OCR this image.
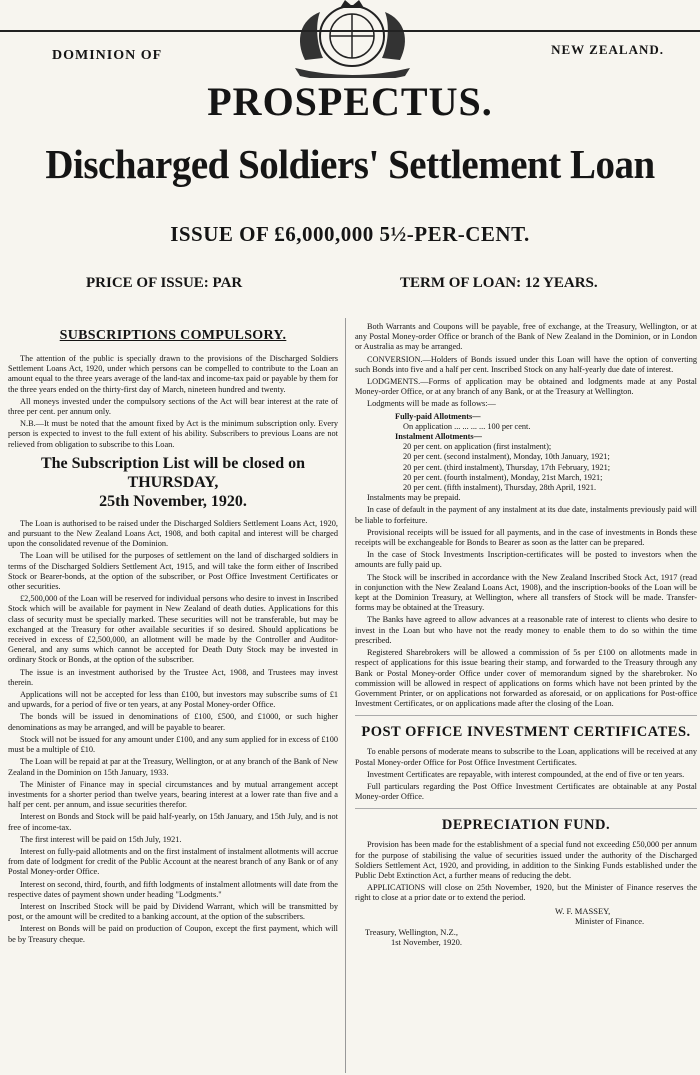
DOMINION OF	NEW ZEALAND.
PROSPECTUS.
Discharged Soldiers' Settlement Loan
ISSUE OF £6,000,000 5½-PER-CENT.
PRICE OF ISSUE: PAR	TERM OF LOAN: 12 YEARS.
SUBSCRIPTIONS COMPULSORY.

The attention of the public is specially drawn to the provisions of the Discharged Soldiers Settlement Loans Act, 1920, under which persons can be compelled to contribute to the Loan an amount equal to the three years average of the land-tax and income-tax paid or payable by them for the three years ended on the thirty-first day of March, nineteen hundred and twenty.

All moneys invested under the compulsory sections of the Act will bear interest at the rate of three per cent. per annum only.

N.B.—It must be noted that the amount fixed by Act is the minimum subscription only. Every person is expected to invest to the full extent of his ability. Subscribers to previous Loans are not relieved from obligation to subscribe to this Loan.

The Subscription List will be closed on THURSDAY,
25th November, 1920.

The Loan is authorised to be raised under the Discharged Soldiers Settlement Loans Act, 1920, and pursuant to the New Zealand Loans Act, 1908, and both capital and interest will be charged upon the consolidated revenue of the Dominion.

The Loan will be utilised for the purposes of settlement on the land of discharged soldiers in terms of the Discharged Soldiers Settlement Act, 1915, and will take the form either of Inscribed Stock or Bearer-bonds, at the option of the subscriber, or Post Office Investment Certificates or other securities.

£2,500,000 of the Loan will be reserved for individual persons who desire to invest in Inscribed Stock which will be available for payment in New Zealand of death duties. Applications for this class of security must be specially marked. These securities will not be transferable, but may be exchanged at the Treasury for other available securities if so desired. Should applications be received in excess of £2,500,000, an allotment will be made by the Controller and Auditor-General, and any sums which cannot be accepted for Death Duty Stock may be invested in ordinary Stock or Bonds, at the option of the subscriber.

The issue is an investment authorised by the Trustee Act, 1908, and Trustees may invest therein.

Applications will not be accepted for less than £100, but investors may subscribe sums of £1 and upwards, for a period of five or ten years, at any Postal Money-order Office.

The bonds will be issued in denominations of £100, £500, and £1000, or such higher denominations as may be arranged, and will be payable to bearer.

Stock will not be issued for any amount under £100, and any sum applied for in excess of £100 must be a multiple of £10.

The Loan will be repaid at par at the Treasury, Wellington, or at any branch of the Bank of New Zealand in the Dominion on 15th January, 1933.

The Minister of Finance may in special circumstances and by mutual arrangement accept investments for a shorter period than twelve years, bearing interest at a lower rate than five and a half per cent. per annum, and issue securities therefor.

Interest on Bonds and Stock will be paid half-yearly, on 15th January, and 15th July, and is not free of income-tax.

The first interest will be paid on 15th July, 1921.

Interest on fully-paid allotments and on the first instalment of instalment allotments will accrue from date of lodgment for credit of the Public Account at the nearest branch of any Bank or of any Postal Money-order Office.

Interest on second, third, fourth, and fifth lodgments of instalment allotments will date from the respective dates of payment shown under heading "Lodgments."

Interest on Inscribed Stock will be paid by Dividend Warrant, which will be transmitted by post, or the amount will be credited to a banking account, at the option of the subscribers.

Interest on Bonds will be paid on production of Coupon, except the first payment, which will be by Treasury cheque.

Both Warrants and Coupons will be payable, free of exchange, at the Treasury, Wellington, or at any Postal Money-order Office or branch of the Bank of New Zealand in the Dominion, or in London or Australia as may be arranged.

CONVERSION.—Holders of Bonds issued under this Loan will have the option of converting such Bonds into five and a half per cent. Inscribed Stock on any half-yearly due date of interest.

LODGMENTS.—Forms of application may be obtained and lodgments made at any Postal Money-order Office, or at any branch of any Bank, or at the Treasury at Wellington.

Lodgments will be made as follows:—

Fully-paid Allotments—
On application ... ... ... ... 100 per cent.
Instalment Allotments—
20 per cent. on application (first instalment);
20 per cent. (second instalment), Monday, 10th January, 1921;
20 per cent. (third instalment), Thursday, 17th February, 1921;
20 per cent. (fourth instalment), Monday, 21st March, 1921;
20 per cent. (fifth instalment), Thursday, 28th April, 1921.

Instalments may be prepaid.

In case of default in the payment of any instalment at its due date, instalments previously paid will be liable to forfeiture.

Provisional receipts will be issued for all payments, and in the case of investments in Bonds these receipts will be exchangeable for Bonds to Bearer as soon as the latter can be prepared.

In the case of Stock Investments Inscription-certificates will be posted to investors when the amounts are fully paid up.

The Stock will be inscribed in accordance with the New Zealand Inscribed Stock Act, 1917 (read in conjunction with the New Zealand Loans Act, 1908), and the inscription-books of the Loan will be kept at the Dominion Treasury, at Wellington, where all transfers of Stock will be made. Transfer-forms may be obtained at the Treasury.

The Banks have agreed to allow advances at a reasonable rate of interest to clients who desire to invest in the Loan but who have not the ready money to enable them to do so within the time prescribed.

Registered Sharebrokers will be allowed a commission of 5s per £100 on allotments made in respect of applications for this issue bearing their stamp, and forwarded to the Treasury through any Bank or Postal Money-order Office under cover of memorandum signed by the sharebroker. No commission will be allowed in respect of applications on forms which have not been printed by the Government Printer, or on applications not forwarded as aforesaid, or on applications for Post-office Investment Certificates, or on applications made after the closing of the Loan.

POST OFFICE INVESTMENT CERTIFICATES.

To enable persons of moderate means to subscribe to the Loan, applications will be received at any Postal Money-order Office for Post Office Investment Certificates.

Investment Certificates are repayable, with interest compounded, at the end of five or ten years.

Full particulars regarding the Post Office Investment Certificates are obtainable at any Postal Money-order Office.

DEPRECIATION FUND.

Provision has been made for the establishment of a special fund not exceeding £50,000 per annum for the purpose of stabilising the value of securities issued under the authority of the Discharged Soldiers Settlement Act, 1920, and providing, in addition to the Sinking Funds established under the Public Debt Extinction Act, a further means of reducing the debt.

APPLICATIONS will close on 25th November, 1920, but the Minister of Finance reserves the right to close at a prior date or to extend the period.

W. F. MASSEY,
Minister of Finance.
Treasury, Wellington, N.Z.,
1st November, 1920.
